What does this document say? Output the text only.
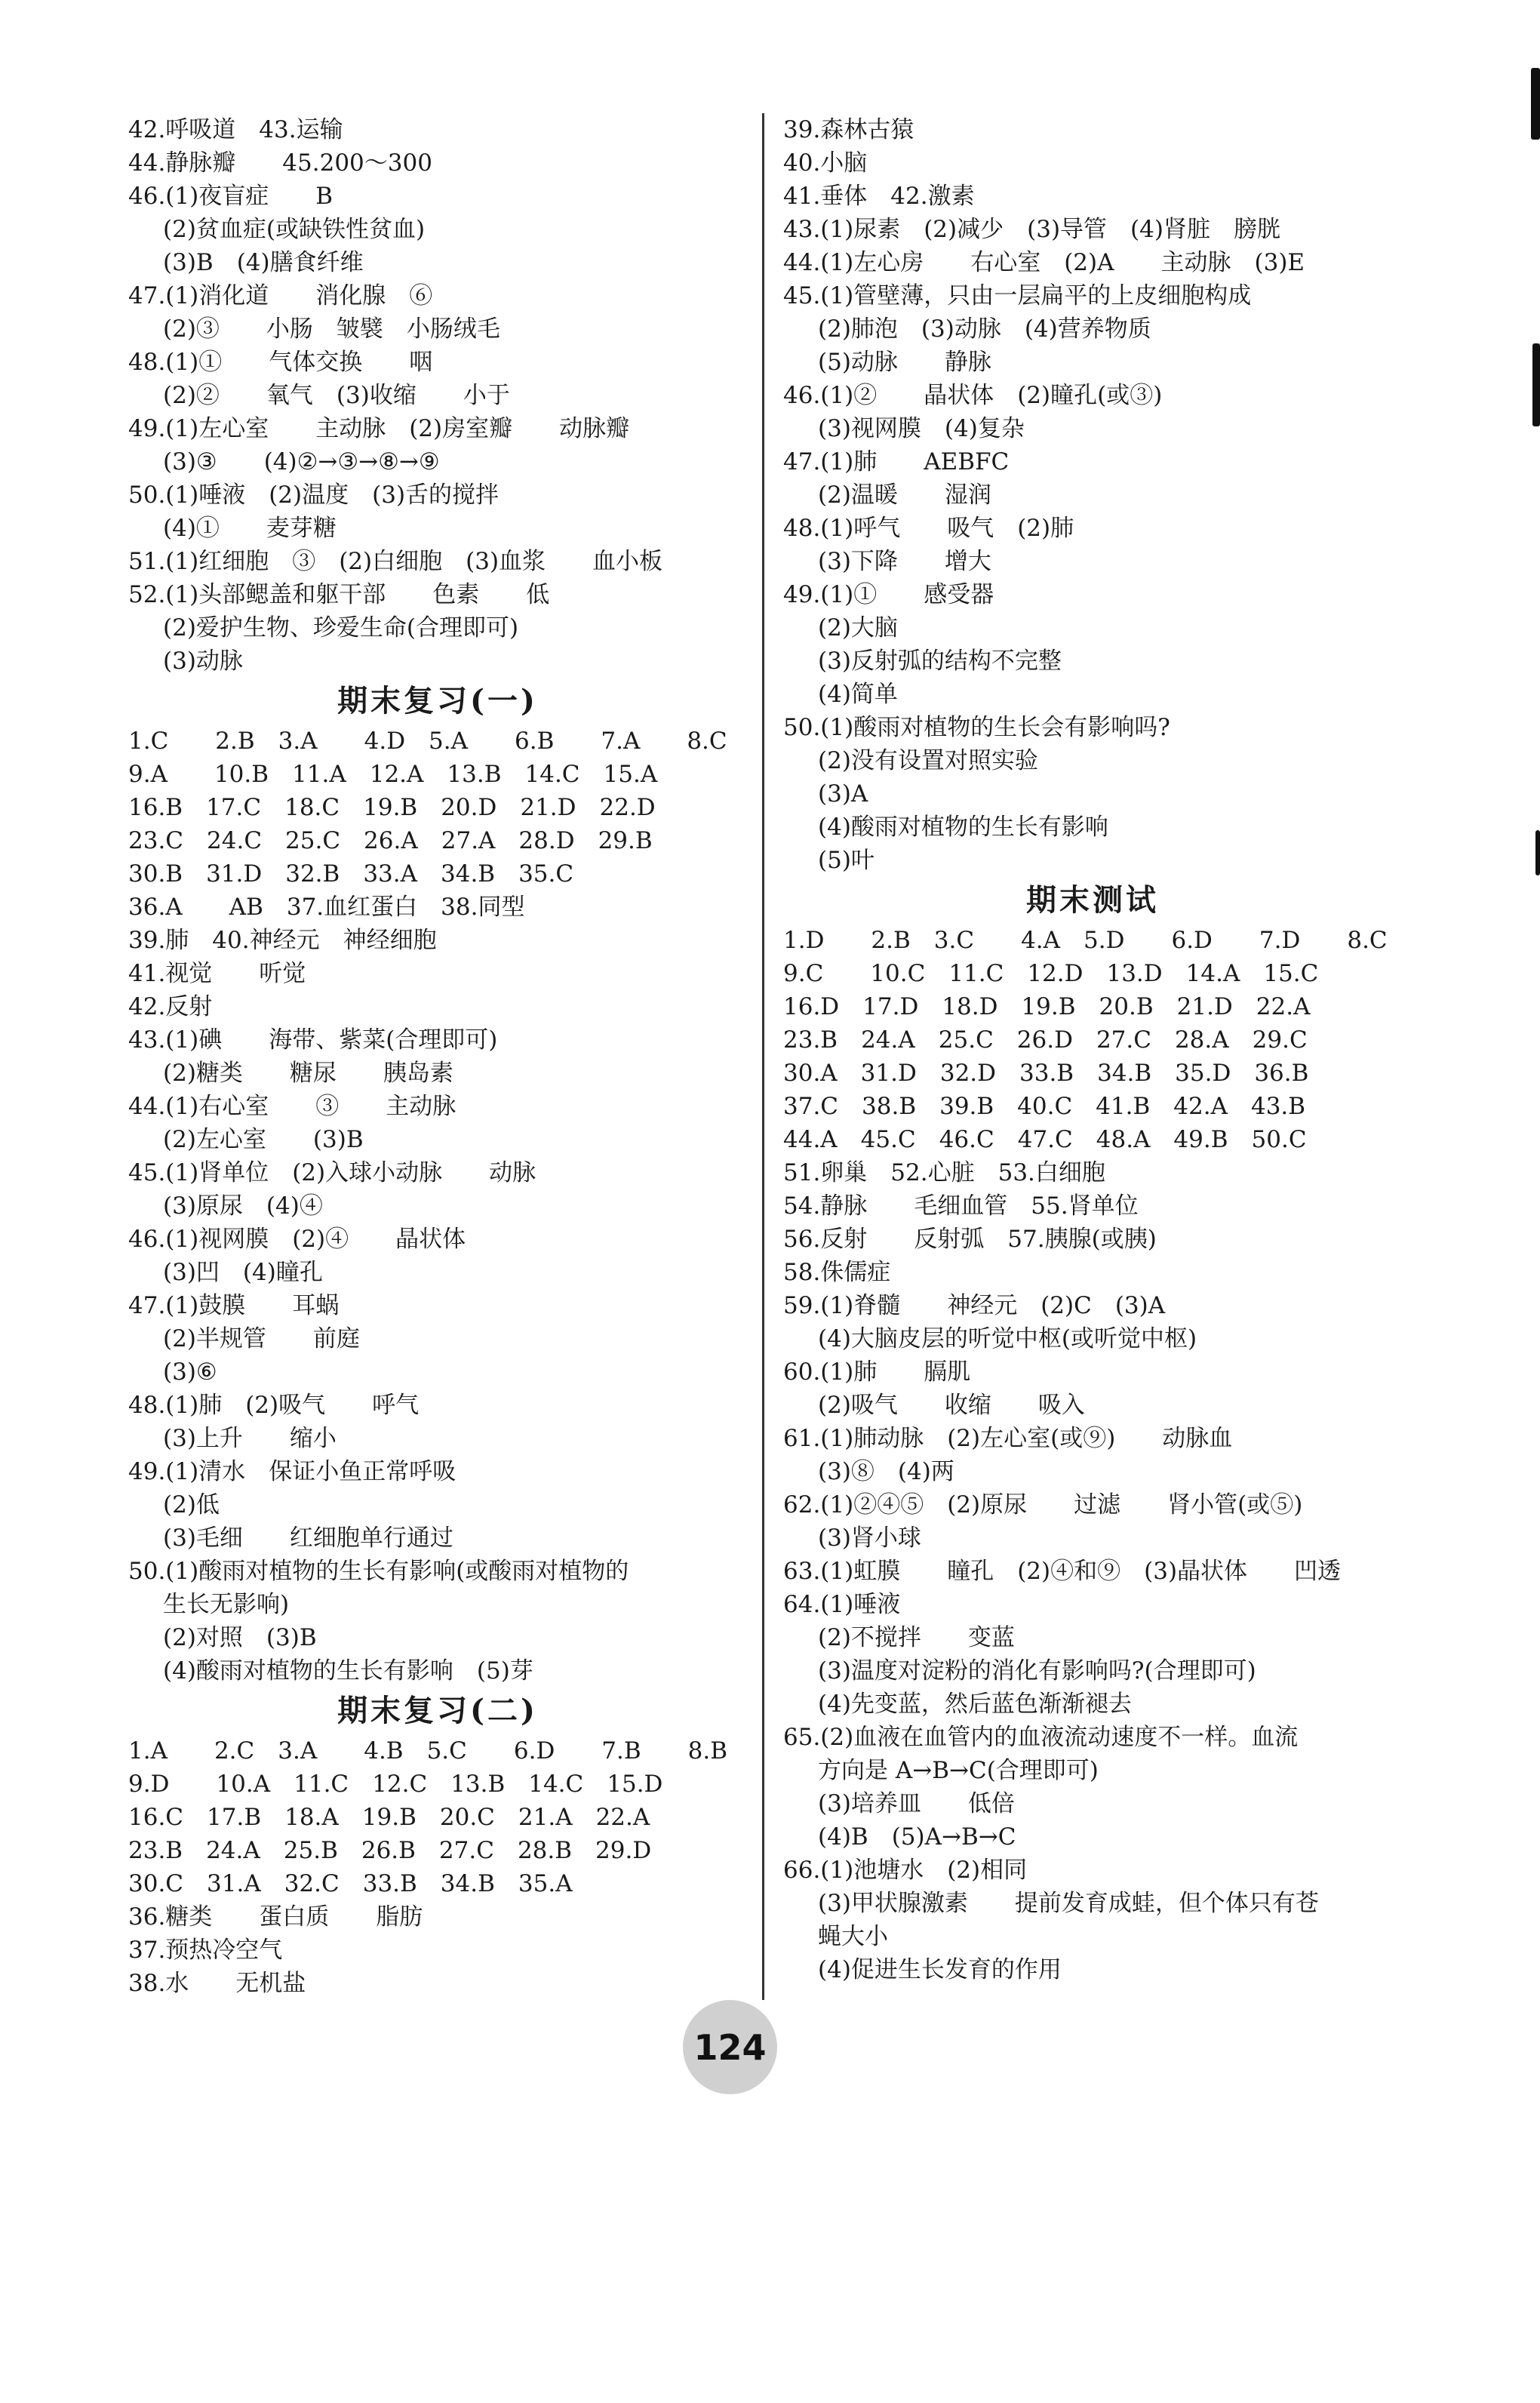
42.呼吸道　43.运输
44.静脉瓣　　45.200～300
46.(1)夜盲症　　B
(2)贫血症(或缺铁性贫血)
(3)B　(4)膳食纤维
47.(1)消化道　　消化腺　⑥
(2)③　　小肠　皱襞　小肠绒毛
48.(1)①　　气体交换　　咽
(2)②　　氧气　(3)收缩　　小于
49.(1)左心室　　主动脉　(2)房室瓣　　动脉瓣
(3)③　　(4)②→③→⑧→⑨
50.(1)唾液　(2)温度　(3)舌的搅拌
(4)①　　麦芽糖
51.(1)红细胞　③　(2)白细胞　(3)血浆　　血小板
52.(1)头部鳃盖和躯干部　　色素　　低
(2)爱护生物、珍爱生命(合理即可)
(3)动脉
期末复习(一)
1.C　　2.B　3.A　　4.D　5.A　　6.B　　7.A　　8.C
9.A　　10.B　11.A　12.A　13.B　14.C　15.A
16.B　17.C　18.C　19.B　20.D　21.D　22.D
23.C　24.C　25.C　26.A　27.A　28.D　29.B
30.B　31.D　32.B　33.A　34.B　35.C
36.A　　AB　37.血红蛋白　38.同型
39.肺　40.神经元　神经细胞
41.视觉　　听觉
42.反射
43.(1)碘　　海带、紫菜(合理即可)
(2)糖类　　糖尿　　胰岛素
44.(1)右心室　　③　　主动脉
(2)左心室　　(3)B
45.(1)肾单位　(2)入球小动脉　　动脉
(3)原尿　(4)④
46.(1)视网膜　(2)④　　晶状体
(3)凹　(4)瞳孔
47.(1)鼓膜　　耳蜗
(2)半规管　　前庭
(3)⑥
48.(1)肺　(2)吸气　　呼气
(3)上升　　缩小
49.(1)清水　保证小鱼正常呼吸
(2)低
(3)毛细　　红细胞单行通过
50.(1)酸雨对植物的生长有影响(或酸雨对植物的
生长无影响)
(2)对照　(3)B
(4)酸雨对植物的生长有影响　(5)芽
期末复习(二)
1.A　　2.C　3.A　　4.B　5.C　　6.D　　7.B　　8.B
9.D　　10.A　11.C　12.C　13.B　14.C　15.D
16.C　17.B　18.A　19.B　20.C　21.A　22.A
23.B　24.A　25.B　26.B　27.C　28.B　29.D
30.C　31.A　32.C　33.B　34.B　35.A
36.糖类　　蛋白质　　脂肪
37.预热冷空气
38.水　　无机盐
39.森林古猿
40.小脑
41.垂体　42.激素
43.(1)尿素　(2)减少　(3)导管　(4)肾脏　膀胱
44.(1)左心房　　右心室　(2)A　　主动脉　(3)E
45.(1)管壁薄，只由一层扁平的上皮细胞构成
(2)肺泡　(3)动脉　(4)营养物质
(5)动脉　　静脉
46.(1)②　　晶状体　(2)瞳孔(或③)
(3)视网膜　(4)复杂
47.(1)肺　　AEBFC
(2)温暖　　湿润
48.(1)呼气　　吸气　(2)肺
(3)下降　　增大
49.(1)①　　感受器
(2)大脑
(3)反射弧的结构不完整
(4)简单
50.(1)酸雨对植物的生长会有影响吗?
(2)没有设置对照实验
(3)A
(4)酸雨对植物的生长有影响
(5)叶
期末测试
1.D　　2.B　3.C　　4.A　5.D　　6.D　　7.D　　8.C
9.C　　10.C　11.C　12.D　13.D　14.A　15.C
16.D　17.D　18.D　19.B　20.B　21.D　22.A
23.B　24.A　25.C　26.D　27.C　28.A　29.C
30.A　31.D　32.D　33.B　34.B　35.D　36.B
37.C　38.B　39.B　40.C　41.B　42.A　43.B
44.A　45.C　46.C　47.C　48.A　49.B　50.C
51.卵巢　52.心脏　53.白细胞
54.静脉　　毛细血管　55.肾单位
56.反射　　反射弧　57.胰腺(或胰)
58.侏儒症
59.(1)脊髓　　神经元　(2)C　(3)A
(4)大脑皮层的听觉中枢(或听觉中枢)
60.(1)肺　　膈肌
(2)吸气　　收缩　　吸入
61.(1)肺动脉　(2)左心室(或⑨)　　动脉血
(3)⑧　(4)两
62.(1)②④⑤　(2)原尿　　过滤　　肾小管(或⑤)
(3)肾小球
63.(1)虹膜　　瞳孔　(2)④和⑨　(3)晶状体　　凹透
64.(1)唾液
(2)不搅拌　　变蓝
(3)温度对淀粉的消化有影响吗?(合理即可)
(4)先变蓝，然后蓝色渐渐褪去
65.(2)血液在血管内的血液流动速度不一样。血流
方向是 A→B→C(合理即可)
(3)培养皿　　低倍
(4)B　(5)A→B→C
66.(1)池塘水　(2)相同
(3)甲状腺激素　　提前发育成蛙，但个体只有苍
蝇大小
(4)促进生长发育的作用
124
